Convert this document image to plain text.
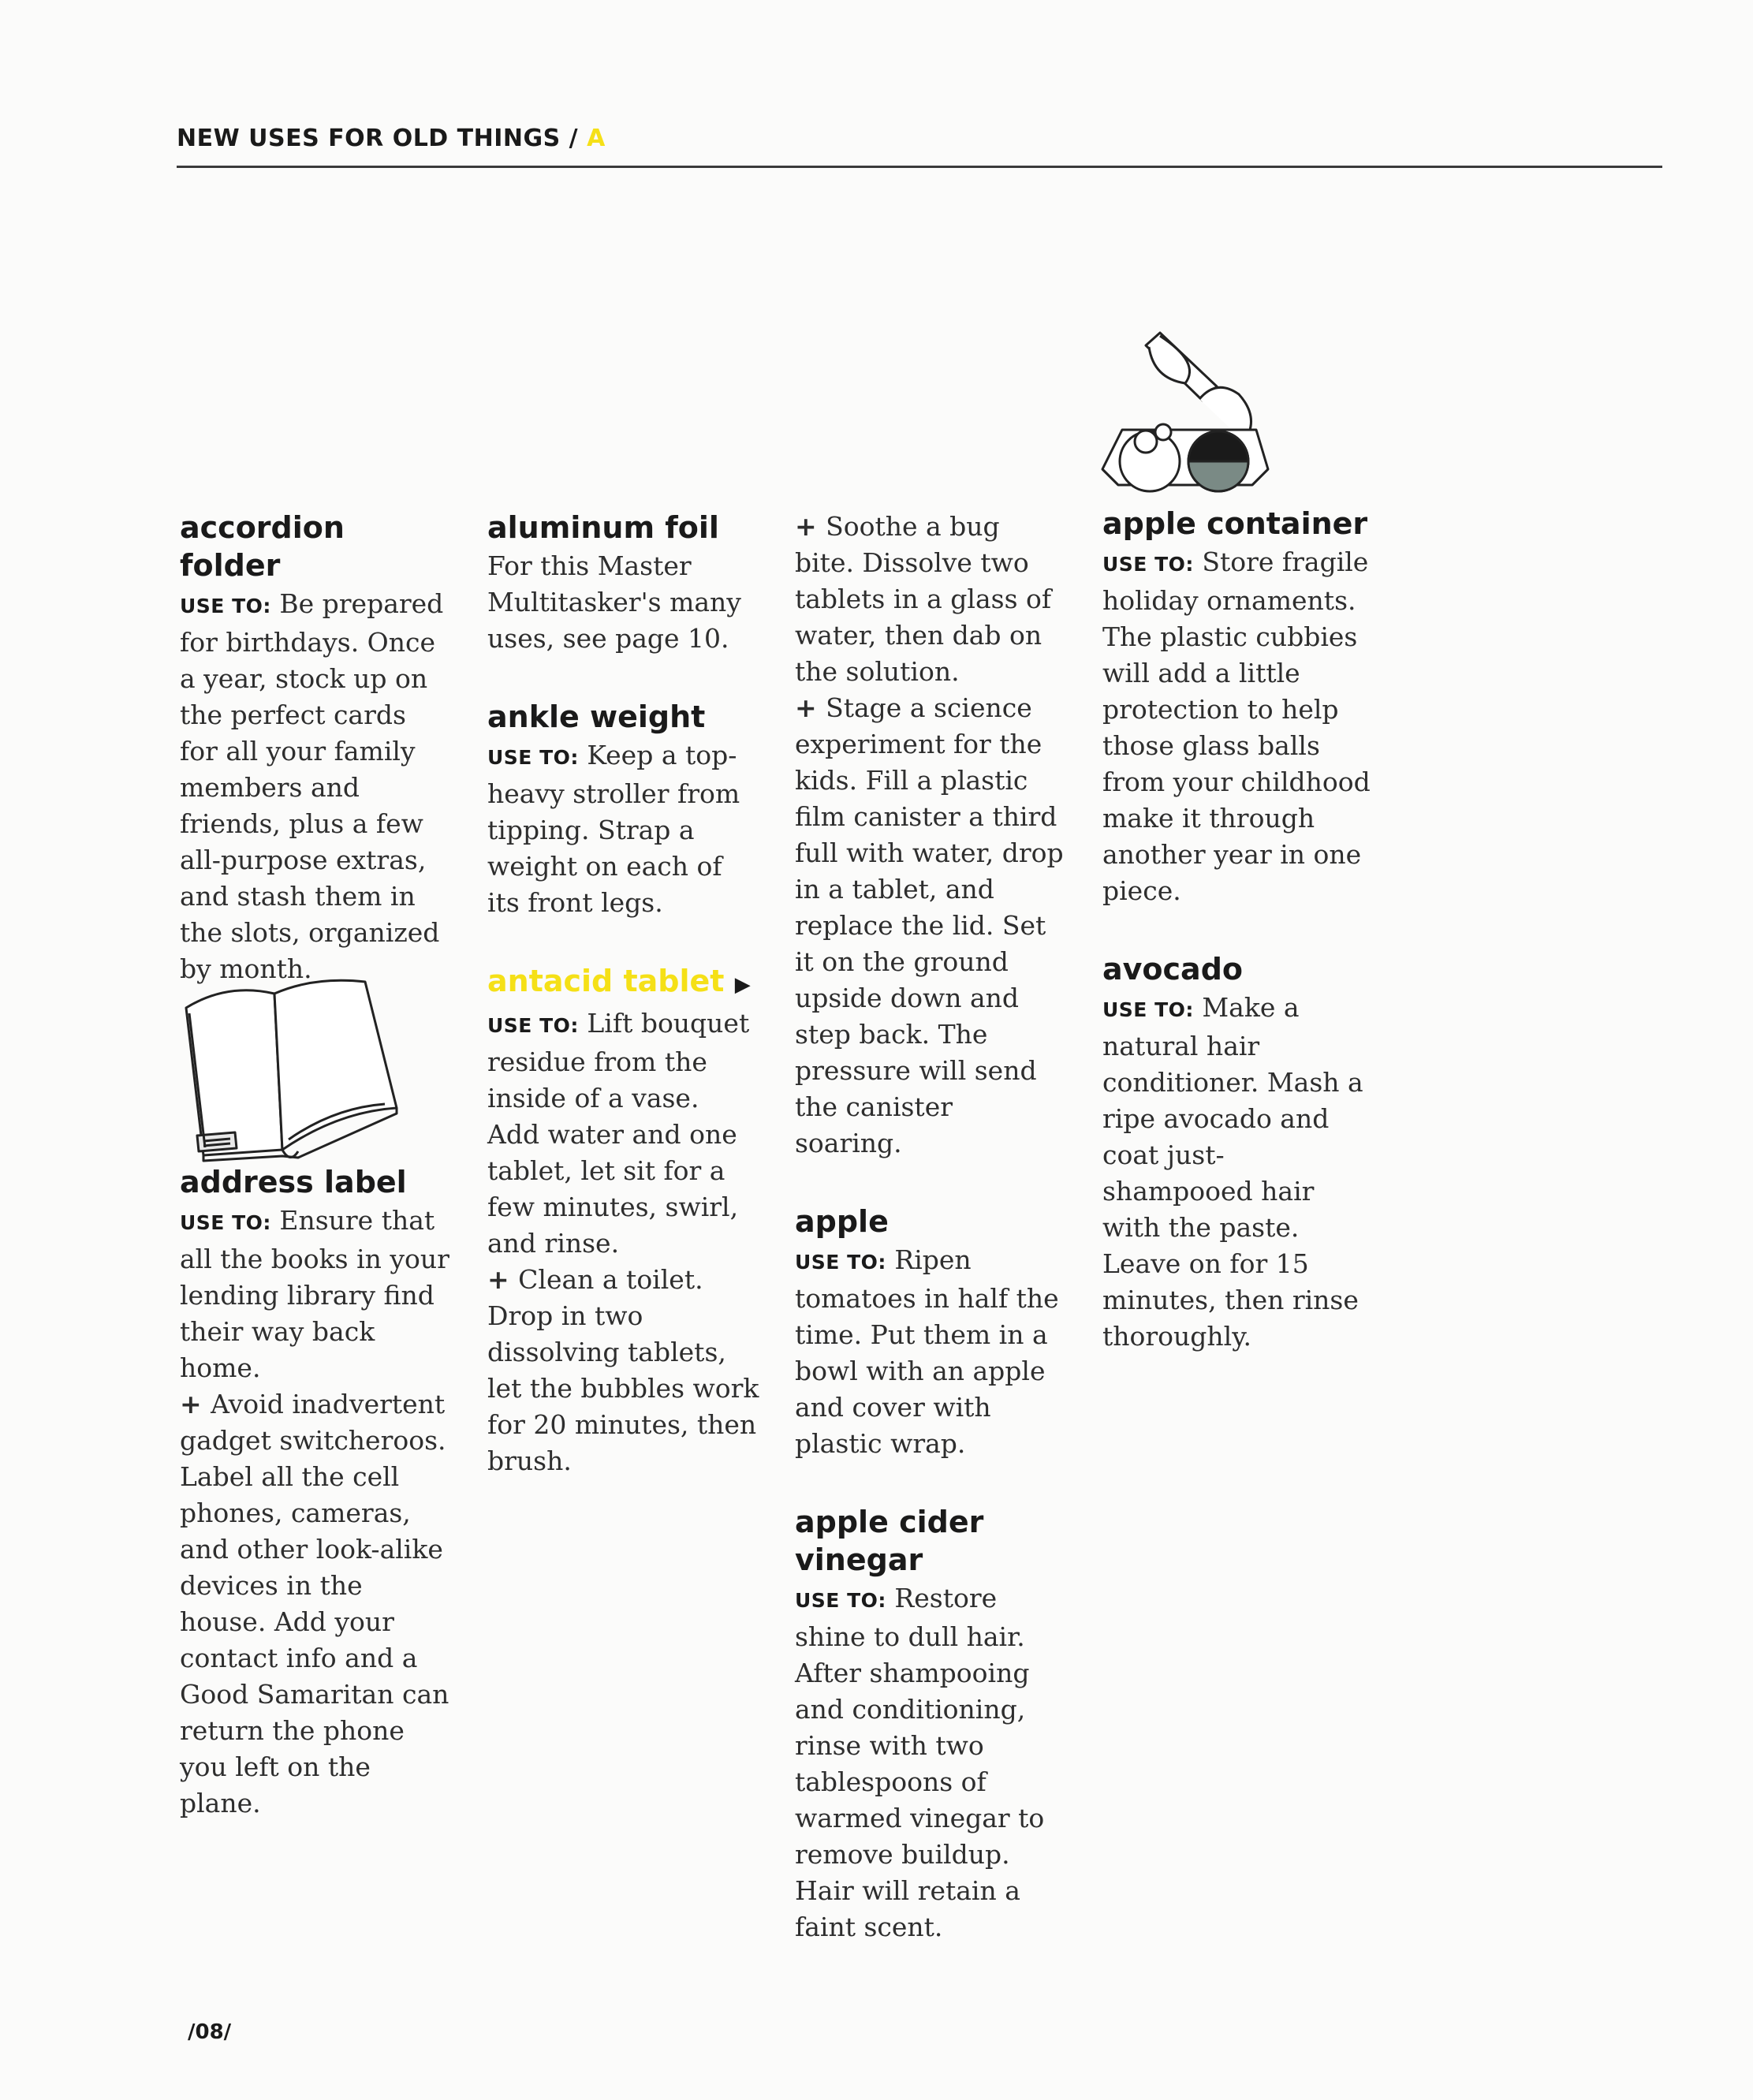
NEW USES FOR OLD THINGS / A
accordion folder

USE TO: Be prepared for birthdays. Once a year, stock up on the perfect cards for all your family members and friends, plus a few all-purpose extras, and stash them in the slots, organized by month.

address label

USE TO: Ensure that all the books in your lending library find their way back home.

+ Avoid inadvertent gadget switcheroos. Label all the cell phones, cameras, and other look-alike devices in the house. Add your contact info and a Good Samaritan can return the phone you left on the plane.

aluminum foil

For this Master Multitasker's many uses, see page 10.

ankle weight

USE TO: Keep a top-heavy stroller from tipping. Strap a weight on each of its front legs.

antacid tablet ▶

USE TO: Lift bouquet residue from the inside of a vase. Add water and one tablet, let sit for a few minutes, swirl, and rinse.

+ Clean a toilet. Drop in two dissolving tablets, let the bubbles work for 20 minutes, then brush.

+ Soothe a bug bite. Dissolve two tablets in a glass of water, then dab on the solution.

+ Stage a science experiment for the kids. Fill a plastic film canister a third full with water, drop in a tablet, and replace the lid. Set it on the ground upside down and step back. The pressure will send the canister soaring.

apple

USE TO: Ripen tomatoes in half the time. Put them in a bowl with an apple and cover with plastic wrap.

apple cider vinegar

USE TO: Restore shine to dull hair. After shampooing and conditioning, rinse with two tablespoons of warmed vinegar to remove buildup. Hair will retain a faint scent.

apple container

USE TO: Store fragile holiday ornaments. The plastic cubbies will add a little protection to help those glass balls from your childhood make it through another year in one piece.

avocado

USE TO: Make a natural hair conditioner. Mash a ripe avocado and coat just-shampooed hair with the paste. Leave on for 15 minutes, then rinse thoroughly.

/08/
